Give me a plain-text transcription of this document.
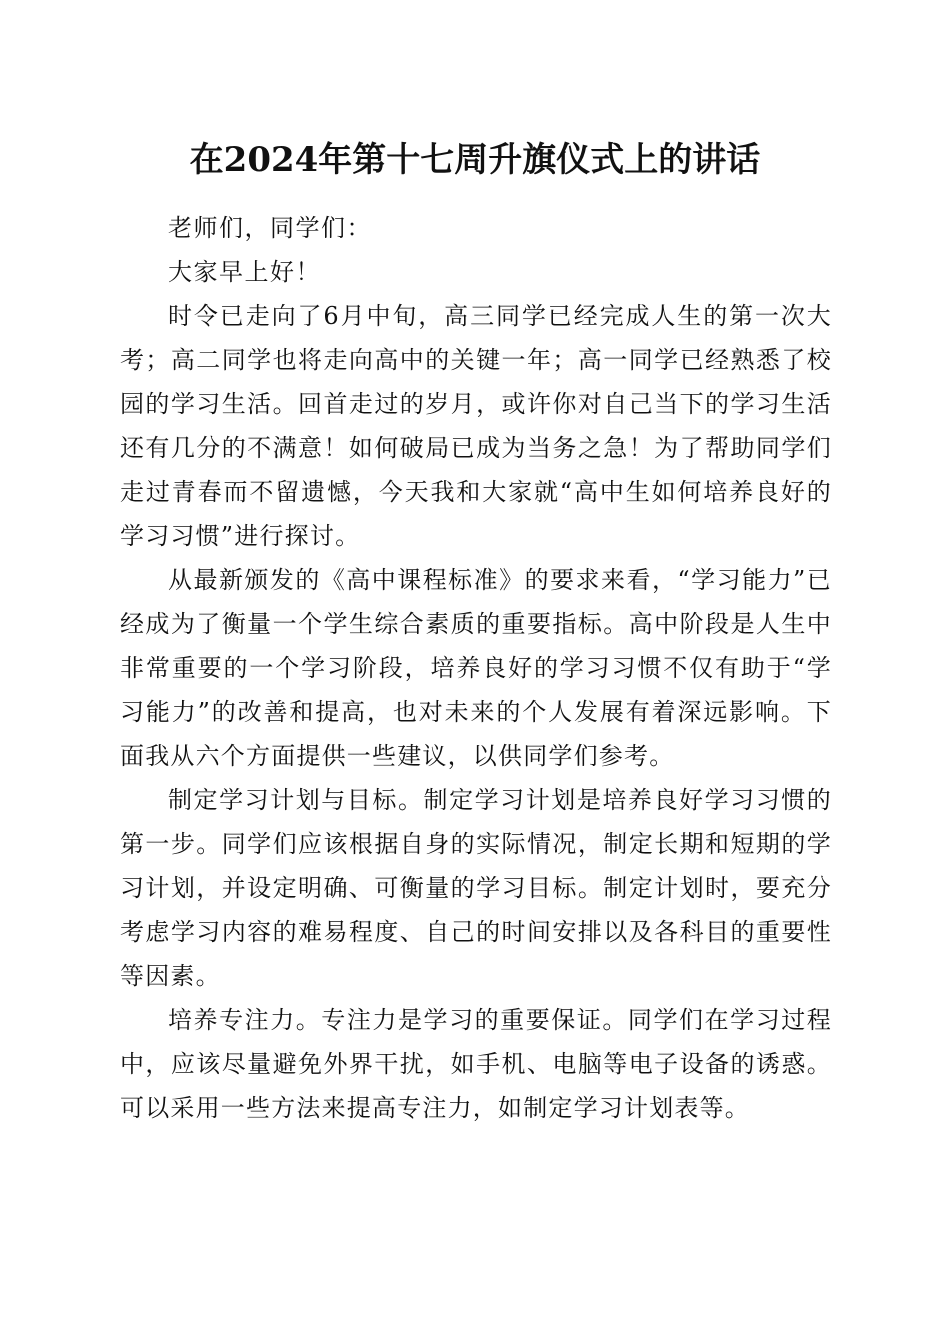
在2024年第十七周升旗仪式上的讲话

老师们，同学们：

大家早上好！

时令已走向了6月中旬，高三同学已经完成人生的第一次大考；高二同学也将走向高中的关键一年；高一同学已经熟悉了校园的学习生活。回首走过的岁月，或许你对自己当下的学习生活还有几分的不满意！如何破局已成为当务之急！为了帮助同学们走过青春而不留遗憾，今天我和大家就“高中生如何培养良好的学习习惯”进行探讨。

从最新颁发的《高中课程标准》的要求来看，“学习能力”已经成为了衡量一个学生综合素质的重要指标。高中阶段是人生中非常重要的一个学习阶段，培养良好的学习习惯不仅有助于“学习能力”的改善和提高，也对未来的个人发展有着深远影响。下面我从六个方面提供一些建议，以供同学们参考。

制定学习计划与目标。制定学习计划是培养良好学习习惯的第一步。同学们应该根据自身的实际情况，制定长期和短期的学习计划，并设定明确、可衡量的学习目标。制定计划时，要充分考虑学习内容的难易程度、自己的时间安排以及各科目的重要性等因素。

培养专注力。专注力是学习的重要保证。同学们在学习过程中，应该尽量避免外界干扰，如手机、电脑等电子设备的诱惑。可以采用一些方法来提高专注力，如制定学习计划表等。
